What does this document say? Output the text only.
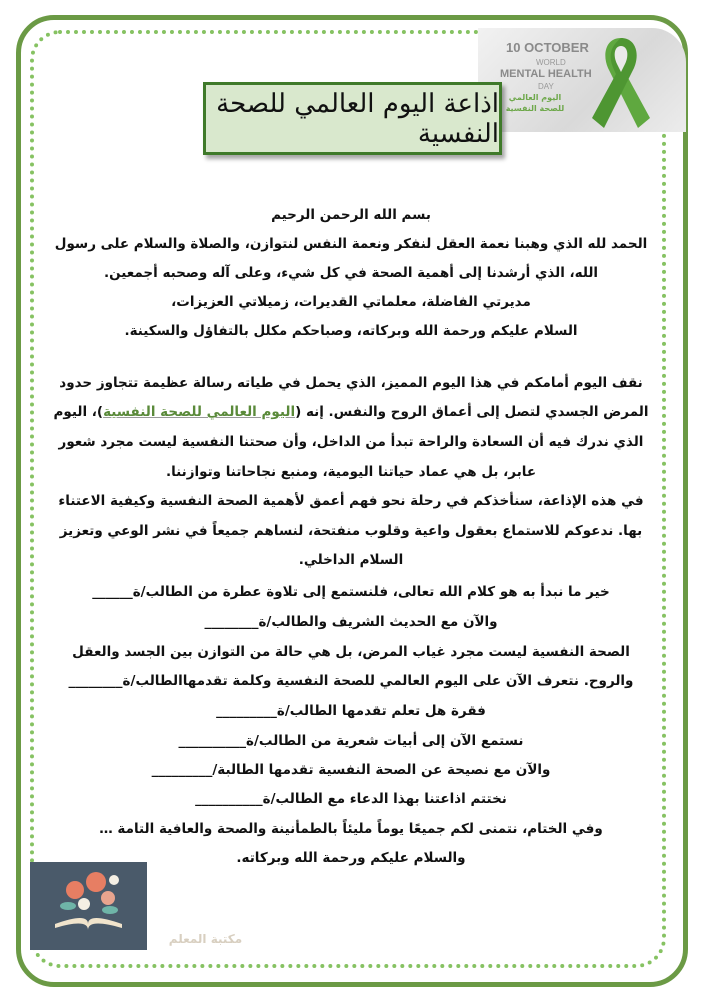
10 OCTOBER
WORLD
MENTAL HEALTH
DAY
اليوم العالمي للصحة النفسية
اذاعة اليوم العالمي للصحة النفسية
بسم الله الرحمن الرحيم
الحمد لله الذي وهبنا نعمة العقل لنفكر ونعمة النفس لنتوازن، والصلاة والسلام على رسول
الله، الذي أرشدنا إلى أهمية الصحة في كل شيء، وعلى آله وصحبه أجمعين.
مديرتي الفاضلة، معلماتي القديرات، زميلاتي العزيزات،
السلام عليكم ورحمة الله وبركاته، وصباحكم مكلل بالتفاؤل والسكينة.
نقف اليوم أمامكم في هذا اليوم المميز، الذي يحمل في طياته رسالة عظيمة تتجاوز حدود
المرض الجسدي لتصل إلى أعماق الروح والنفس. إنه (اليوم العالمي للصحة النفسية)، اليوم
الذي ندرك فيه أن السعادة والراحة تبدأ من الداخل، وأن صحتنا النفسية ليست مجرد شعور
عابر، بل هي عماد حياتنا اليومية، ومنبع نجاحاتنا وتوازننا.
في هذه الإذاعة، سنأخذكم في رحلة نحو فهم أعمق لأهمية الصحة النفسية وكيفية الاعتناء
بها. ندعوكم للاستماع بعقول واعية وقلوب منفتحة، لنساهم جميعاً في نشر الوعي وتعزيز
السلام الداخلي.
خير ما نبدأ به هو كلام الله تعالى، فلنستمع إلى تلاوة عطرة من الطالب/ة______
والآن مع الحديث الشريف والطالب/ة________
الصحة النفسية ليست مجرد غياب المرض، بل هي حالة من التوازن بين الجسد والعقل
والروح. نتعرف الآن على اليوم العالمي للصحة النفسية وكلمة تقدمهاالطالب/ة________
فقرة هل تعلم تقدمها الطالب/ة_________
نستمع الآن إلى أبيات شعرية من الطالب/ة__________
والآن مع نصيحة عن الصحة النفسية تقدمها الطالبة/_________
نختتم اذاعتنا بهذا الدعاء مع الطالب/ة__________
وفي الختام، نتمنى لكم جميعًا يوماً مليئاً بالطمأنينة والصحة والعافية التامة …
والسلام عليكم ورحمة الله وبركاته.
مكتبة المعلم
